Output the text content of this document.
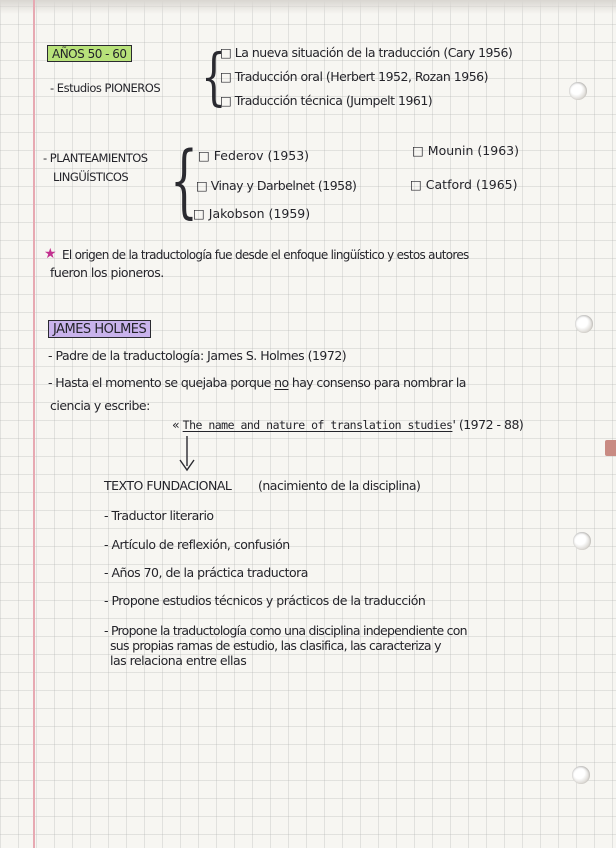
AÑOS 50 - 60
- Estudios PIONEROS {
□ La nueva situación de la traducción (Cary 1956)
□ Traducción oral (Herbert 1952, Rozan 1956)
□ Traducción técnica (Jumpelt 1961)
- PLANTEAMIENTOS
LINGÜÍSTICOS { □ Federov (1953)
□ Vinay y Darbelnet (1958)
□ Jakobson (1959)
□ Mounin (1963)
□ Catford (1965)
★ El origen de la traductología fue desde el enfoque lingüístico y estos autores
fueron los pioneros.
JAMES HOLMES
- Padre de la traductología: James S. Holmes (1972)
- Hasta el momento se quejaba porque no hay consenso para nombrar la
ciencia y escribe:
« The name and nature of translation studies' (1972 - 88)
TEXTO FUNDACIONAL (nacimiento de la disciplina)
- Traductor literario
- Artículo de reflexión, confusión
- Años 70, de la práctica traductora
- Propone estudios técnicos y prácticos de la traducción
- Propone la traductología como una disciplina independiente con
sus propias ramas de estudio, las clasifica, las caracteriza y
las relaciona entre ellas
